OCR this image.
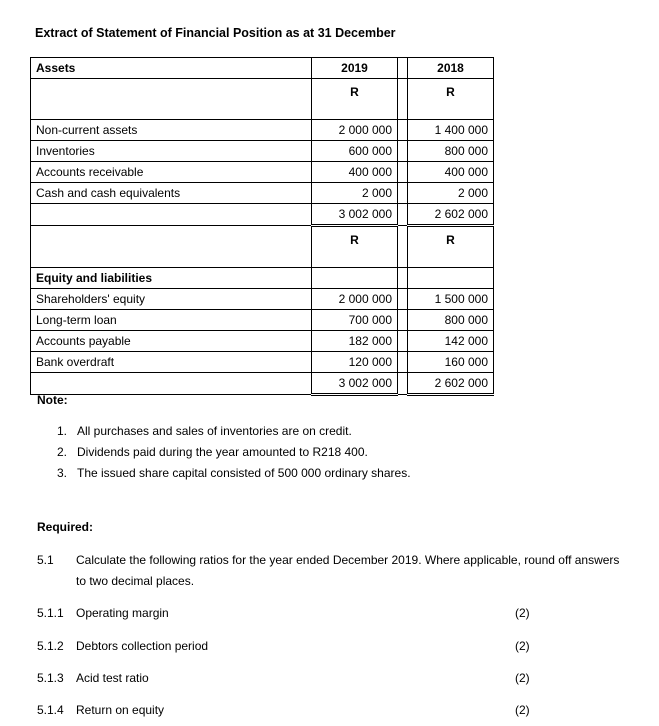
Extract of Statement of Financial Position as at 31 December
Assets	2019		2018
	R		R
Non-current assets	2 000 000		1 400 000
Inventories	600 000		800 000
Accounts receivable	400 000		400 000
Cash and cash equivalents	2 000		2 000
	3 002 000		2 602 000
	R		R
Equity and liabilities			
Shareholders' equity	2 000 000		1 500 000
Long-term loan	700 000		800 000
Accounts payable	182 000		142 000
Bank overdraft	120 000		160 000
	3 002 000		2 602 000
Note:
1. All purchases and sales of inventories are on credit.
2. Dividends paid during the year amounted to R218 400.
3. The issued share capital consisted of 500 000 ordinary shares.
Required:
5.1 Calculate the following ratios for the year ended December 2019. Where applicable, round off answers
to two decimal places.
5.1.1 Operating margin	(2)
5.1.2 Debtors collection period	(2)
5.1.3 Acid test ratio	(2)
5.1.4 Return on equity	(2)
